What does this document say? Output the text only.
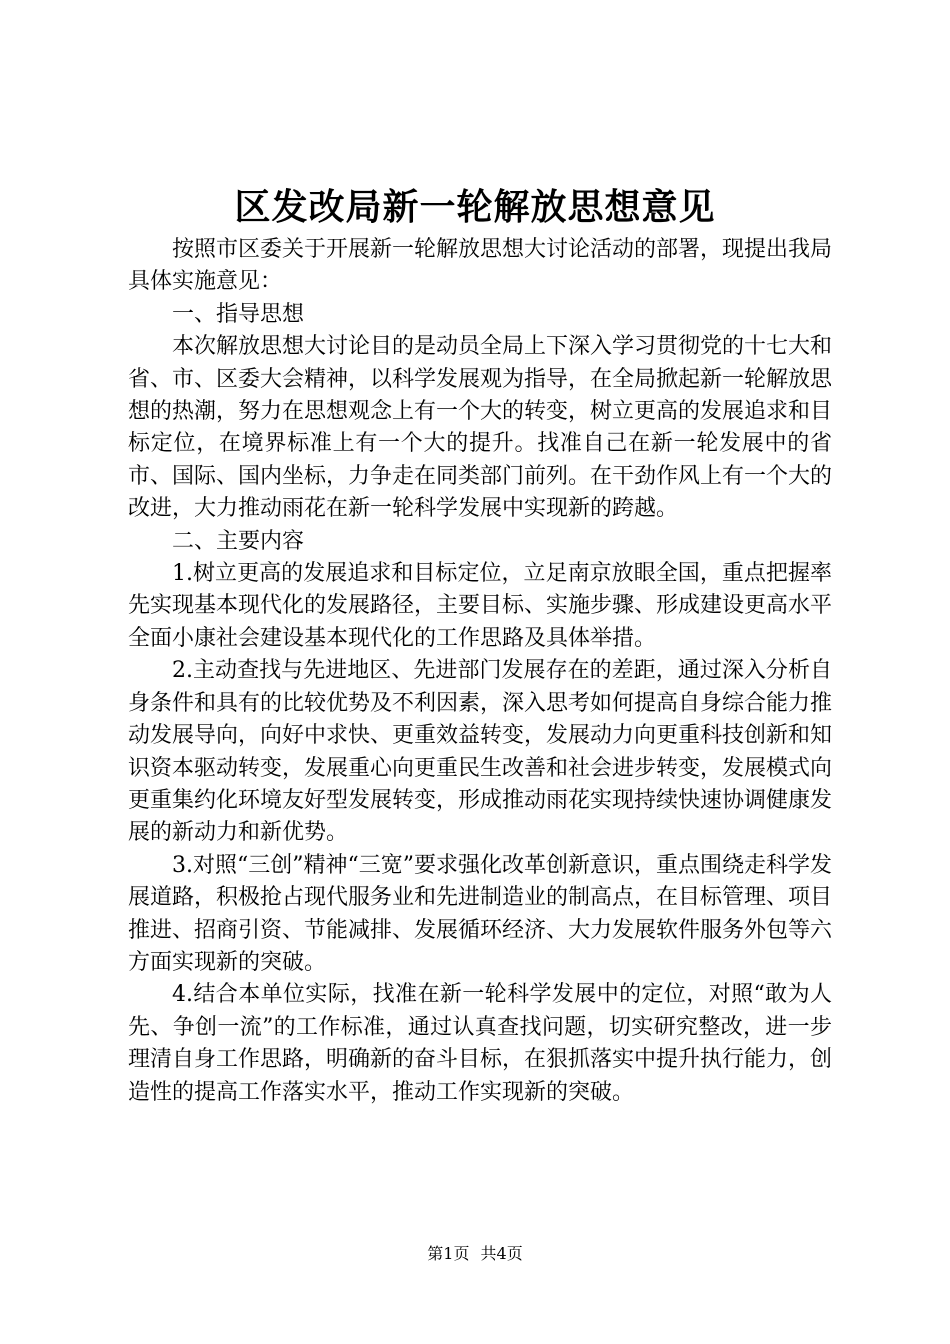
区发改局新一轮解放思想意见

按照市区委关于开展新一轮解放思想大讨论活动的部署，现提出我局具体实施意见：

一、指导思想

本次解放思想大讨论目的是动员全局上下深入学习贯彻党的十七大和省、市、区委大会精神，以科学发展观为指导，在全局掀起新一轮解放思想的热潮，努力在思想观念上有一个大的转变，树立更高的发展追求和目标定位，在境界标准上有一个大的提升。找准自己在新一轮发展中的省市、国际、国内坐标，力争走在同类部门前列。在干劲作风上有一个大的改进，大力推动雨花在新一轮科学发展中实现新的跨越。

二、主要内容

1.树立更高的发展追求和目标定位，立足南京放眼全国，重点把握率先实现基本现代化的发展路径，主要目标、实施步骤、形成建设更高水平全面小康社会建设基本现代化的工作思路及具体举措。

2.主动查找与先进地区、先进部门发展存在的差距，通过深入分析自身条件和具有的比较优势及不利因素，深入思考如何提高自身综合能力推动发展导向，向好中求快、更重效益转变，发展动力向更重科技创新和知识资本驱动转变，发展重心向更重民生改善和社会进步转变，发展模式向更重集约化环境友好型发展转变，形成推动雨花实现持续快速协调健康发展的新动力和新优势。

3.对照“三创”精神“三宽”要求强化改革创新意识，重点围绕走科学发展道路，积极抢占现代服务业和先进制造业的制高点，在目标管理、项目推进、招商引资、节能减排、发展循环经济、大力发展软件服务外包等六方面实现新的突破。

4.结合本单位实际，找准在新一轮科学发展中的定位，对照“敢为人先、争创一流”的工作标准，通过认真查找问题，切实研究整改，进一步理清自身工作思路，明确新的奋斗目标，在狠抓落实中提升执行能力，创造性的提高工作落实水平，推动工作实现新的突破。

第1页 共4页
